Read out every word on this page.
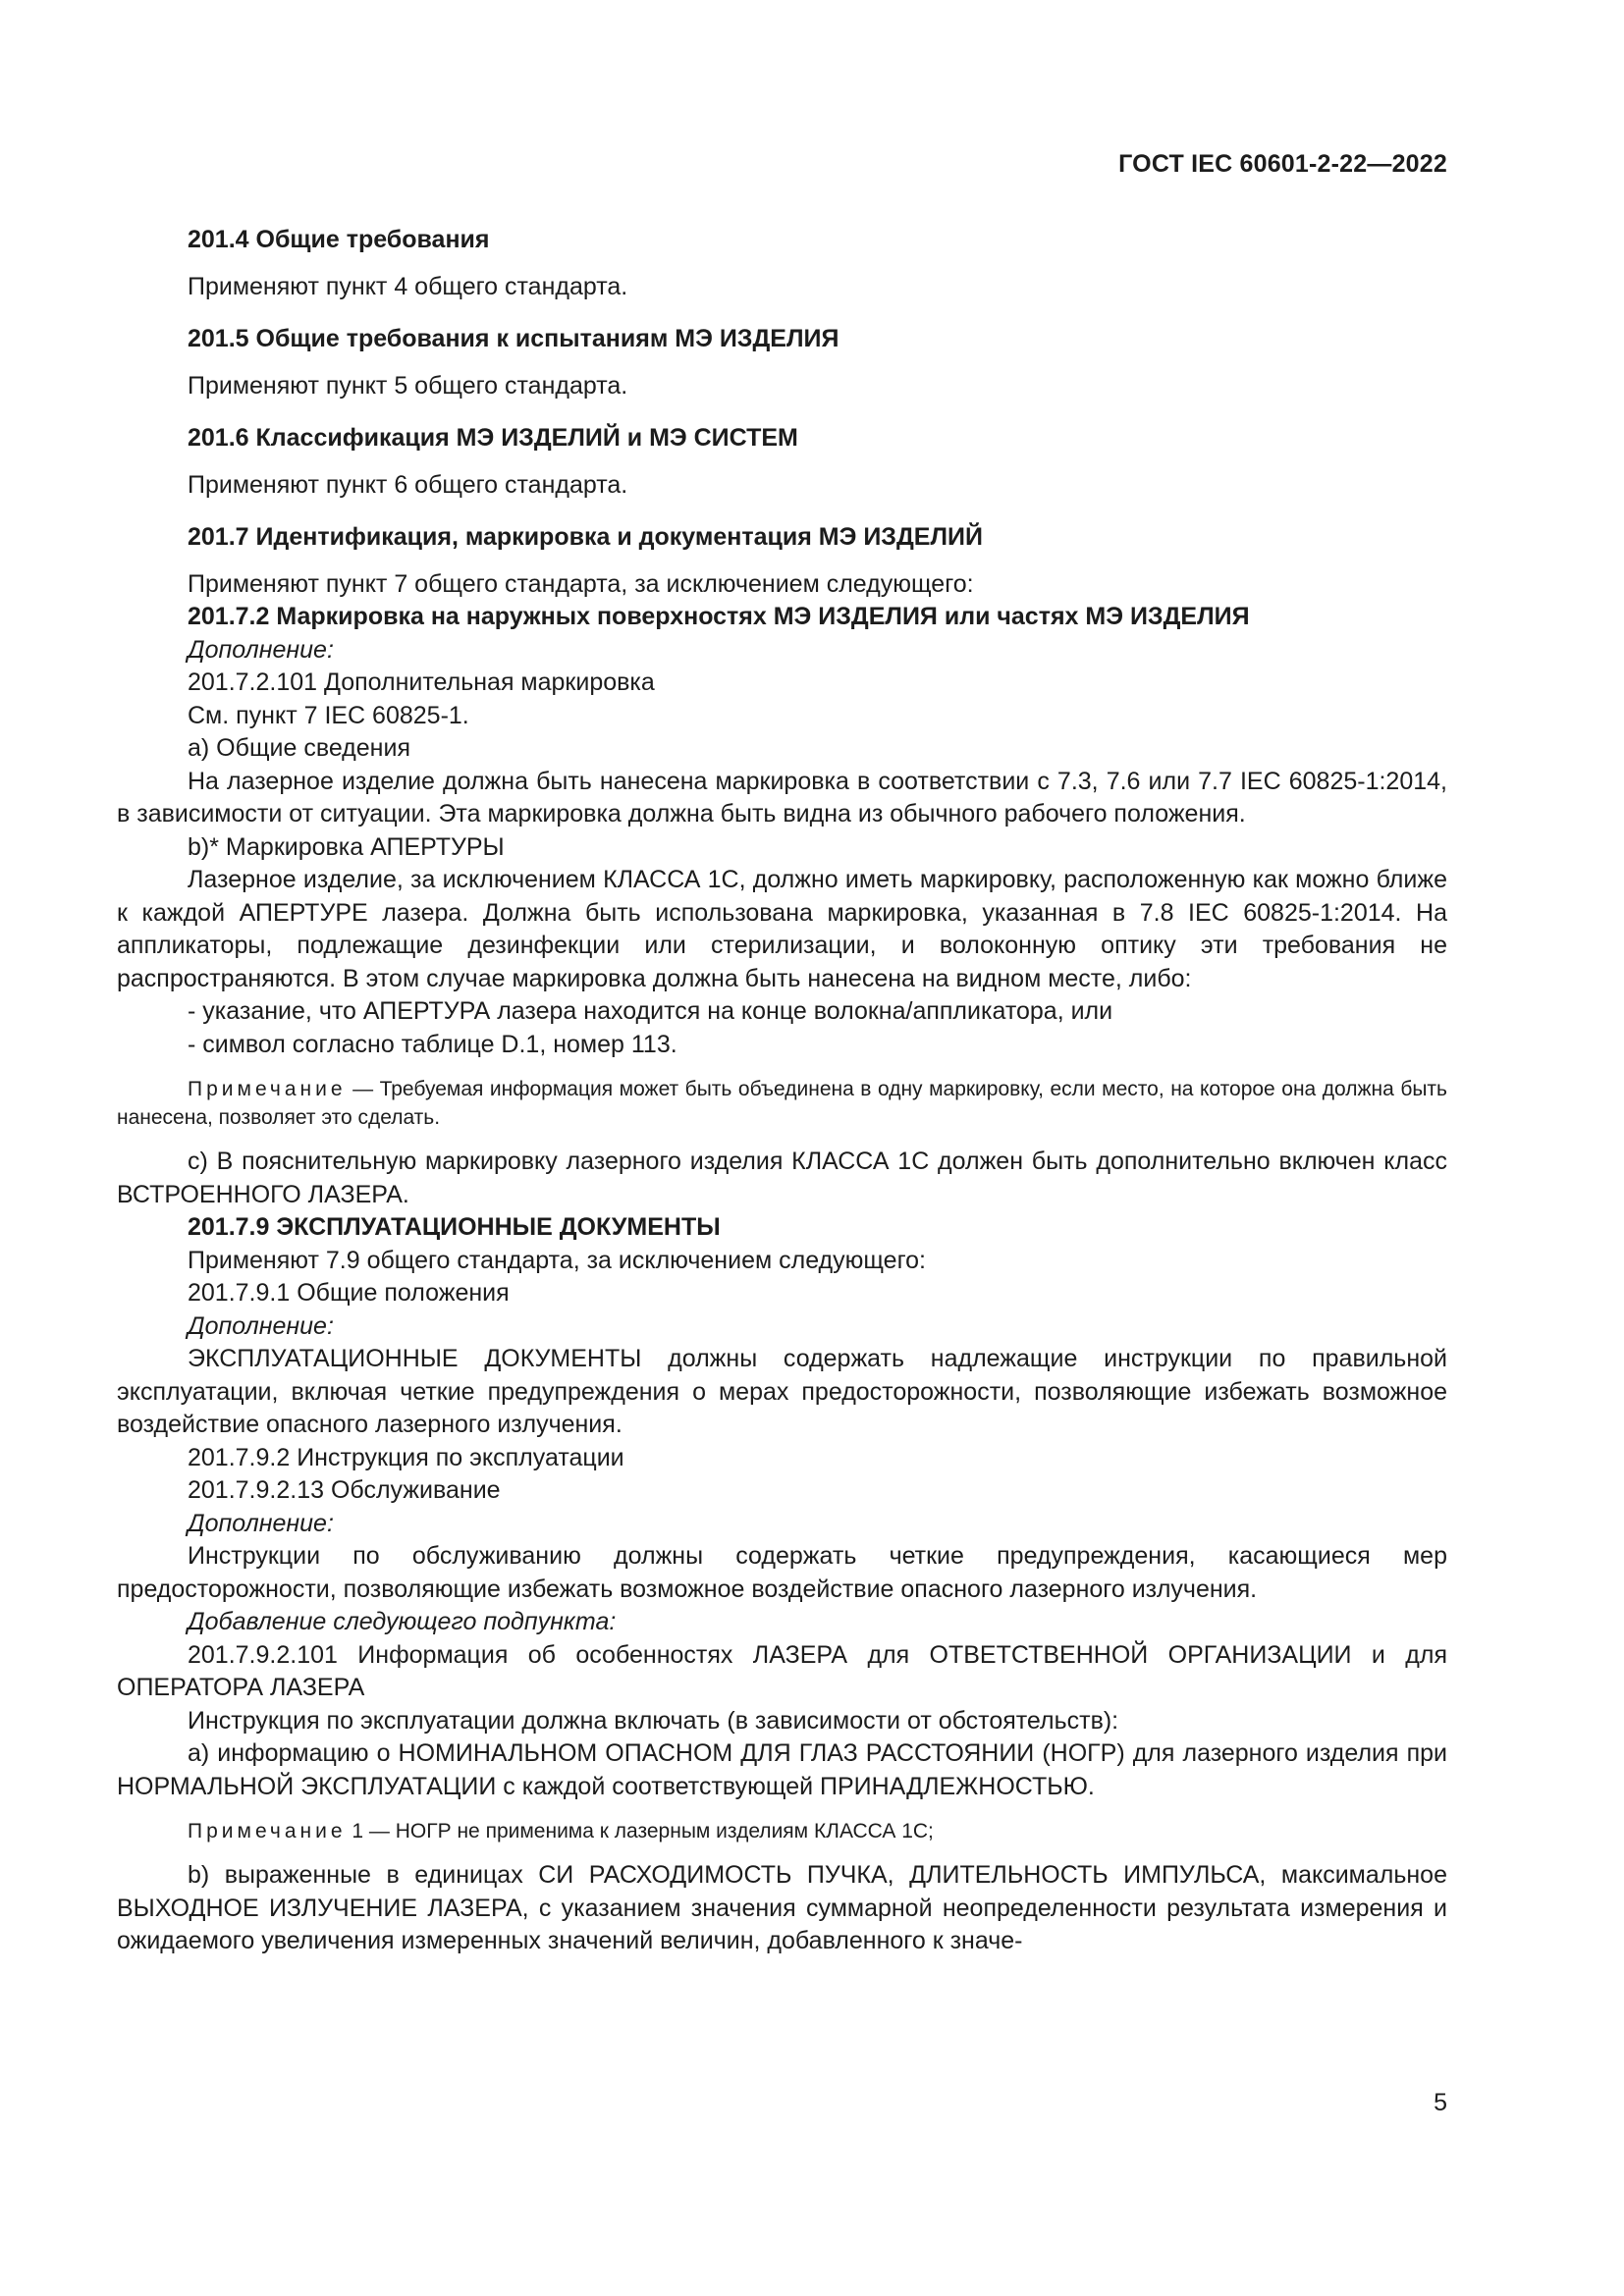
ГОСТ IEC 60601-2-22—2022

201.4 Общие требования

Применяют пункт 4 общего стандарта.

201.5 Общие требования к испытаниям МЭ ИЗДЕЛИЯ

Применяют пункт 5 общего стандарта.

201.6 Классификация МЭ ИЗДЕЛИЙ и МЭ СИСТЕМ

Применяют пункт 6 общего стандарта.

201.7 Идентификация, маркировка и документация МЭ ИЗДЕЛИЙ

Применяют пункт 7 общего стандарта, за исключением следующего:

201.7.2 Маркировка на наружных поверхностях МЭ ИЗДЕЛИЯ или частях МЭ ИЗДЕЛИЯ

Дополнение:

201.7.2.101 Дополнительная маркировка

См. пункт 7 IEC 60825-1.

а) Общие сведения

На лазерное изделие должна быть нанесена маркировка в соответствии с 7.3, 7.6 или 7.7 IEC 60825-1:2014, в зависимости от ситуации. Эта маркировка должна быть видна из обычного рабочего положения.

b)* Маркировка АПЕРТУРЫ

Лазерное изделие, за исключением КЛАССА 1С, должно иметь маркировку, расположенную как можно ближе к каждой АПЕРТУРЕ лазера. Должна быть использована маркировка, указанная в 7.8 IEC 60825-1:2014. На аппликаторы, подлежащие дезинфекции или стерилизации, и волоконную оптику эти требования не распространяются. В этом случае маркировка должна быть нанесена на видном месте, либо:

- указание, что АПЕРТУРА лазера находится на конце волокна/аппликатора, или

- символ согласно таблице D.1, номер 113.

Примечание — Требуемая информация может быть объединена в одну маркировку, если место, на которое она должна быть нанесена, позволяет это сделать.

с) В пояснительную маркировку лазерного изделия КЛАССА 1С должен быть дополнительно включен класс ВСТРОЕННОГО ЛАЗЕРА.

201.7.9 ЭКСПЛУАТАЦИОННЫЕ ДОКУМЕНТЫ

Применяют 7.9 общего стандарта, за исключением следующего:

201.7.9.1 Общие положения

Дополнение:

ЭКСПЛУАТАЦИОННЫЕ ДОКУМЕНТЫ должны содержать надлежащие инструкции по правильной эксплуатации, включая четкие предупреждения о мерах предосторожности, позволяющие избежать возможное воздействие опасного лазерного излучения.

201.7.9.2 Инструкция по эксплуатации

201.7.9.2.13 Обслуживание

Дополнение:

Инструкции по обслуживанию должны содержать четкие предупреждения, касающиеся мер предосторожности, позволяющие избежать возможное воздействие опасного лазерного излучения.

Добавление следующего подпункта:

201.7.9.2.101 Информация об особенностях ЛАЗЕРА для ОТВЕТСТВЕННОЙ ОРГАНИЗАЦИИ и для ОПЕРАТОРА ЛАЗЕРА

Инструкция по эксплуатации должна включать (в зависимости от обстоятельств):

а) информацию о НОМИНАЛЬНОМ ОПАСНОМ ДЛЯ ГЛАЗ РАССТОЯНИИ (НОГР) для лазерного изделия при НОРМАЛЬНОЙ ЭКСПЛУАТАЦИИ с каждой соответствующей ПРИНАДЛЕЖНОСТЬЮ.

Примечание 1 — НОГР не применима к лазерным изделиям КЛАССА 1С;

b) выраженные в единицах СИ РАСХОДИМОСТЬ ПУЧКА, ДЛИТЕЛЬНОСТЬ ИМПУЛЬСА, максимальное ВЫХОДНОЕ ИЗЛУЧЕНИЕ ЛАЗЕРА, с указанием значения суммарной неопределенности результата измерения и ожидаемого увеличения измеренных значений величин, добавленного к значе-

5
